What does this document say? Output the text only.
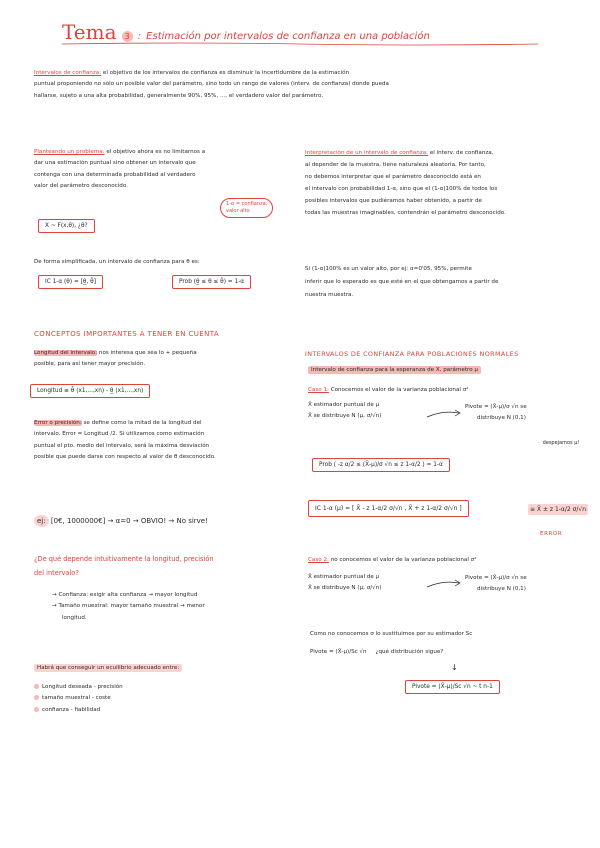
Tema 3 : Estimación por intervalos de confianza en una población
Intervalos de confianza: el objetivo de los intervalos de confianza es disminuir la incertidumbre de la estimación
puntual proponiendo no sólo un posible valor del parámetro, sino todo un rango de valores (interv. de confianza) donde pueda
hallarse, sujeto a una alta probabilidad, generalmente 90%, 95%, ..., el verdadero valor del parámetro.
Planteando un problema: el objetivo ahora es no limitarnos a
dar una estimación puntual sino obtener un intervalo que
contenga con una determinada probabilidad al verdadero
valor del parámetro desconocido.
X ~ F(x,θ), ¿θ?
1-α = confianza,
valor alto
De forma simplificada, un intervalo de confianza para θ es:
IC 1-α (θ) = [θ̲, θ̄]	Prob (θ̲ ≤ θ ≤ θ̄) = 1-α
CONCEPTOS IMPORTANTES A TENER EN CUENTA
Longitud del intervalo: nos interesa que sea lo + pequeña
posible, para así tener mayor precisión.
Longitud ≡ θ̄ (x1,...,xn) - θ̲ (x1,...,xn)
Error o precisión: se define como la mitad de la longitud del
intervalo. Error = Longitud /2. Si utilizamos como estimación
puntual el pto. medio del intervalo, será la máxima desviación
posible que puede darse con respecto al valor de θ desconocido.
ej: [0€, 1000000€] → α=0 → OBVIO! → No sirve!
¿De qué depende intuitivamente la longitud, precisión
del intervalo?
→ Confianza: exigir alta confianza → mayor longitud
→ Tamaño muestral: mayor tamaño muestral → menor
longitud.
Habrá que conseguir un ecuilibrio adecuado entre:
Longitud deseada - precisión
tamaño muestral - coste
confianza - fiabilidad
Interpretación de un intervalo de confianza: el interv. de confianza,
al depender de la muestra, tiene naturaleza aleatoria. Por tanto,
no debemos interpretar que el parámetro desconocido está en
el intervalo con probabilidad 1-α, sino que el (1-α)100% de todos los
posibles intervalos que pudiéramos haber obtenido, a partir de
todas las muestras imaginables, contendrán el parámetro desconocido.
Si (1-α)100% es un valor alto, por ej: α=0'05, 95%, permite
inferir que lo esperado es que esté en el que obtengamos a partir de
nuestra muestra.
INTERVALOS DE CONFIANZA PARA POBLACIONES NORMALES
Intervalo de confianza para la esperanza de X, parámetro μ
Caso 1: Conocemos el valor de la varianza poblacional σ²
X̄ estimador puntual de μ
X̄ se distribuye N (μ, σ/√n)
Pivote = (X̄-μ)/σ √n se
distribuye N (0,1)
despejamos μ!
Prob ( -z α/2 ≤ (X̄-μ)/σ √n ≤ z 1-α/2 ) = 1-α
IC 1-α (μ) = [ X̄ - z 1-α/2 σ/√n , X̄ + z 1-α/2 σ/√n ]	≡ X̄ ± z 1-α/2 σ/√n
ERROR
Caso 2: no conocemos el valor de la varianza poblacional σ²
X̄ estimador puntual de μ
X̄ se distribuye N (μ, σ/√n)
Pivote = (X̄-μ)/σ √n se
distribuye N (0,1)
Como no conocemos σ lo sustituimos por su estimador Sc
Pivote = (X̄-μ)/Sc √n ¿qué distribución sigue?
↓
Pivote = (X̄-μ)/Sc √n ~ t n-1
